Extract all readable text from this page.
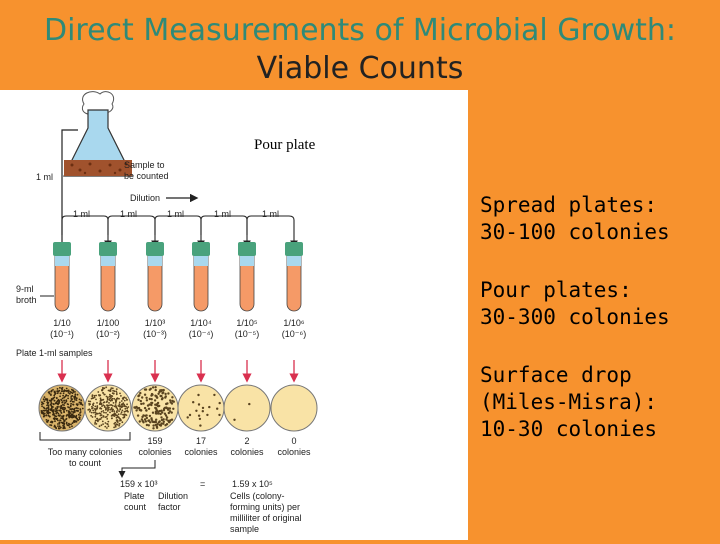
Direct Measurements of Microbial Growth:
Viable Counts
Sample to
be counted
Pour plate
1 ml
Dilution
1 ml	1 ml	1 ml	1 ml	1 ml
9-ml
broth
1/10
(10⁻¹)
1/100
(10⁻²)
1/10³
(10⁻³)
1/10⁴
(10⁻⁴)
1/10⁵
(10⁻⁵)
1/10⁶
(10⁻⁶)
Plate 1-ml samples
Too many colonies
to count
159
colonies
17
colonies
2
colonies
0
colonies
159 x 10³	=	1.59 x 10⁵
Plate
count
Dilution
factor
Cells (colony-
forming units) per
milliliter of original
sample
Spread plates:
30-100 colonies
Pour plates:
30-300 colonies
Surface drop
(Miles-Misra):
10-30 colonies
